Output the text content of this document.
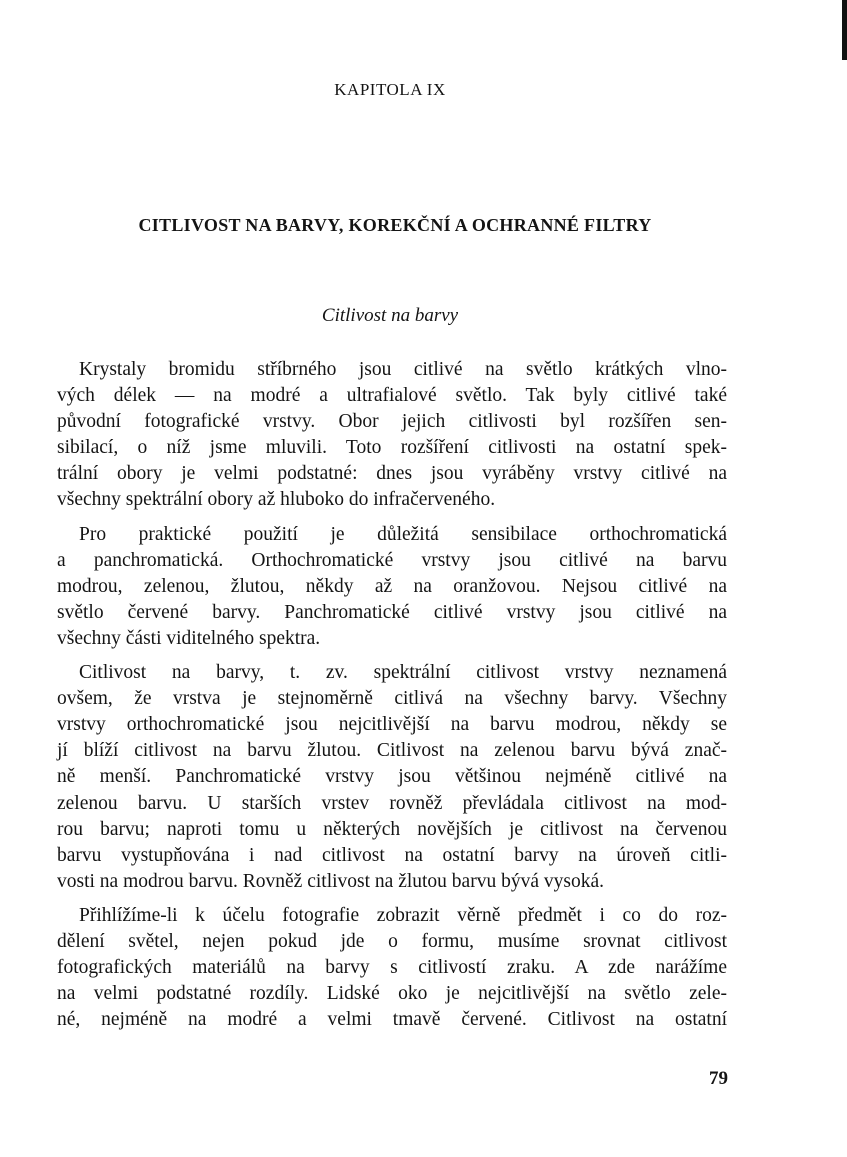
KAPITOLA IX
CITLIVOST NA BARVY, KOREKČNÍ A OCHRANNÉ FILTRY
Citlivost na barvy
Krystaly bromidu stříbrného jsou citlivé na světlo krátkých vlno-
vých délek — na modré a ultrafialové světlo. Tak byly citlivé také
původní fotografické vrstvy. Obor jejich citlivosti byl rozšířen sen-
sibilací, o níž jsme mluvili. Toto rozšíření citlivosti na ostatní spek-
trální obory je velmi podstatné: dnes jsou vyráběny vrstvy citlivé na
všechny spektrální obory až hluboko do infračerveného.
Pro praktické použití je důležitá sensibilace orthochromatická
a panchromatická. Orthochromatické vrstvy jsou citlivé na barvu
modrou, zelenou, žlutou, někdy až na oranžovou. Nejsou citlivé na
světlo červené barvy. Panchromatické citlivé vrstvy jsou citlivé na
všechny části viditelného spektra.
Citlivost na barvy, t. zv. spektrální citlivost vrstvy neznamená
ovšem, že vrstva je stejnoměrně citlivá na všechny barvy. Všechny
vrstvy orthochromatické jsou nejcitlivější na barvu modrou, někdy se
jí blíží citlivost na barvu žlutou. Citlivost na zelenou barvu bývá znač-
ně menší. Panchromatické vrstvy jsou většinou nejméně citlivé na
zelenou barvu. U starších vrstev rovněž převládala citlivost na mod-
rou barvu; naproti tomu u některých novějších je citlivost na červenou
barvu vystupňována i nad citlivost na ostatní barvy na úroveň citli-
vosti na modrou barvu. Rovněž citlivost na žlutou barvu bývá vysoká.
Přihlížíme-li k účelu fotografie zobrazit věrně předmět i co do roz-
dělení světel, nejen pokud jde o formu, musíme srovnat citlivost
fotografických materiálů na barvy s citlivostí zraku. A zde narážíme
na velmi podstatné rozdíly. Lidské oko je nejcitlivější na světlo zele-
né, nejméně na modré a velmi tmavě červené. Citlivost na ostatní
79
